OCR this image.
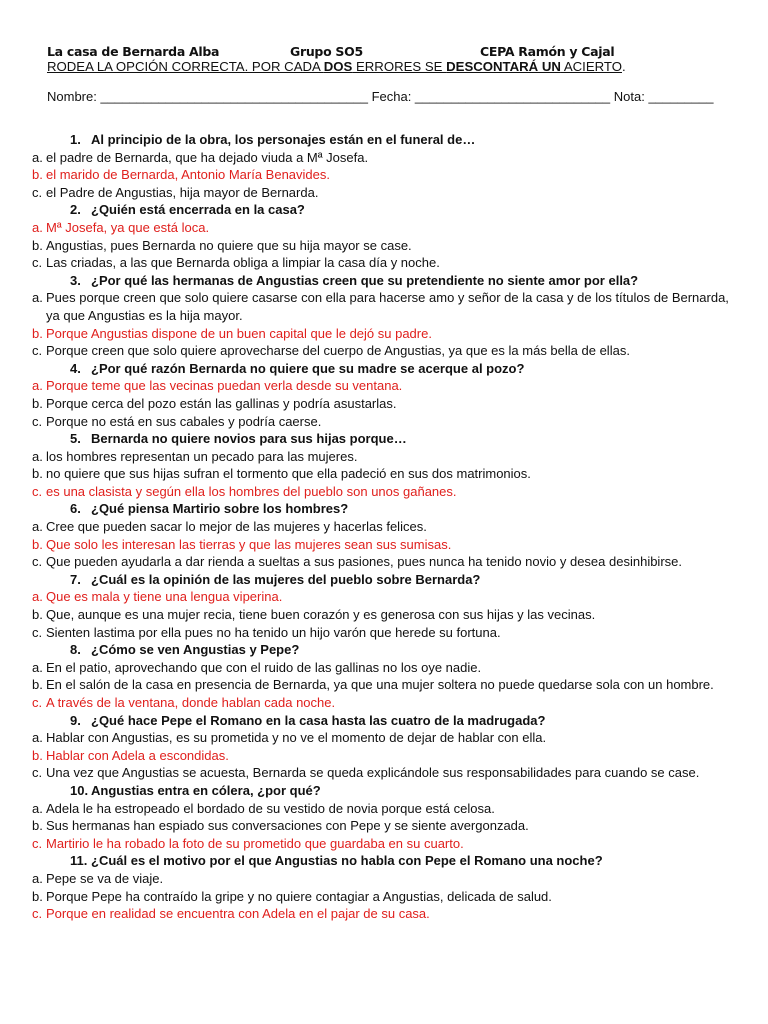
La casa de Bernarda Alba	Grupo SO5	CEPA Ramón y Cajal
RODEA LA OPCIÓN CORRECTA. POR CADA DOS ERRORES SE DESCONTARÁ UN ACIERTO.
Nombre: _____________________________________ Fecha: ___________________________ Nota: _________
1. Al principio de la obra, los personajes están en el funeral de…
a. el padre de Bernarda, que ha dejado viuda a Mª Josefa.
b. el marido de Bernarda, Antonio María Benavides.
c. el Padre de Angustias, hija mayor de Bernarda.
2. ¿Quién está encerrada en la casa?
a. Mª Josefa, ya que está loca.
b. Angustias, pues Bernarda no quiere que su hija mayor se case.
c. Las criadas, a las que Bernarda obliga a limpiar la casa día y noche.
3. ¿Por qué las hermanas de Angustias creen que su pretendiente no siente amor por ella?
a. Pues porque creen que solo quiere casarse con ella para hacerse amo y señor de la casa y de los títulos de Bernarda, ya que Angustias es la hija mayor.
b. Porque Angustias dispone de un buen capital que le dejó su padre.
c. Porque creen que solo quiere aprovecharse del cuerpo de Angustias, ya que es la más bella de ellas.
4. ¿Por qué razón Bernarda no quiere que su madre se acerque al pozo?
a. Porque teme que las vecinas puedan verla desde su ventana.
b. Porque cerca del pozo están las gallinas y podría asustarlas.
c. Porque no está en sus cabales y podría caerse.
5. Bernarda no quiere novios para sus hijas porque…
a. los hombres representan un pecado para las mujeres.
b. no quiere que sus hijas sufran el tormento que ella padeció en sus dos matrimonios.
c. es una clasista y según ella los hombres del pueblo son unos gañanes.
6. ¿Qué piensa Martirio sobre los hombres?
a. Cree que pueden sacar lo mejor de las mujeres y hacerlas felices.
b. Que solo les interesan las tierras y que las mujeres sean sus sumisas.
c. Que pueden ayudarla a dar rienda a sueltas a sus pasiones, pues nunca ha tenido novio y desea desinhibirse.
7. ¿Cuál es la opinión de las mujeres del pueblo sobre Bernarda?
a. Que es mala y tiene una lengua viperina.
b. Que, aunque es una mujer recia, tiene buen corazón y es generosa con sus hijas y las vecinas.
c. Sienten lastima por ella pues no ha tenido un hijo varón que herede su fortuna.
8. ¿Cómo se ven Angustias y Pepe?
a. En el patio, aprovechando que con el ruido de las gallinas no los oye nadie.
b. En el salón de la casa en presencia de Bernarda, ya que una mujer soltera no puede quedarse sola con un hombre.
c. A través de la ventana, donde hablan cada noche.
9. ¿Qué hace Pepe el Romano en la casa hasta las cuatro de la madrugada?
a. Hablar con Angustias, es su prometida y no ve el momento de dejar de hablar con ella.
b. Hablar con Adela a escondidas.
c. Una vez que Angustias se acuesta, Bernarda se queda explicándole sus responsabilidades para cuando se case.
10. Angustias entra en cólera, ¿por qué?
a. Adela le ha estropeado el bordado de su vestido de novia porque está celosa.
b. Sus hermanas han espiado sus conversaciones con Pepe y se siente avergonzada.
c. Martirio le ha robado la foto de su prometido que guardaba en su cuarto.
11. ¿Cuál es el motivo por el que Angustias no habla con Pepe el Romano una noche?
a. Pepe se va de viaje.
b. Porque Pepe ha contraído la gripe y no quiere contagiar a Angustias, delicada de salud.
c. Porque en realidad se encuentra con Adela en el pajar de su casa.
